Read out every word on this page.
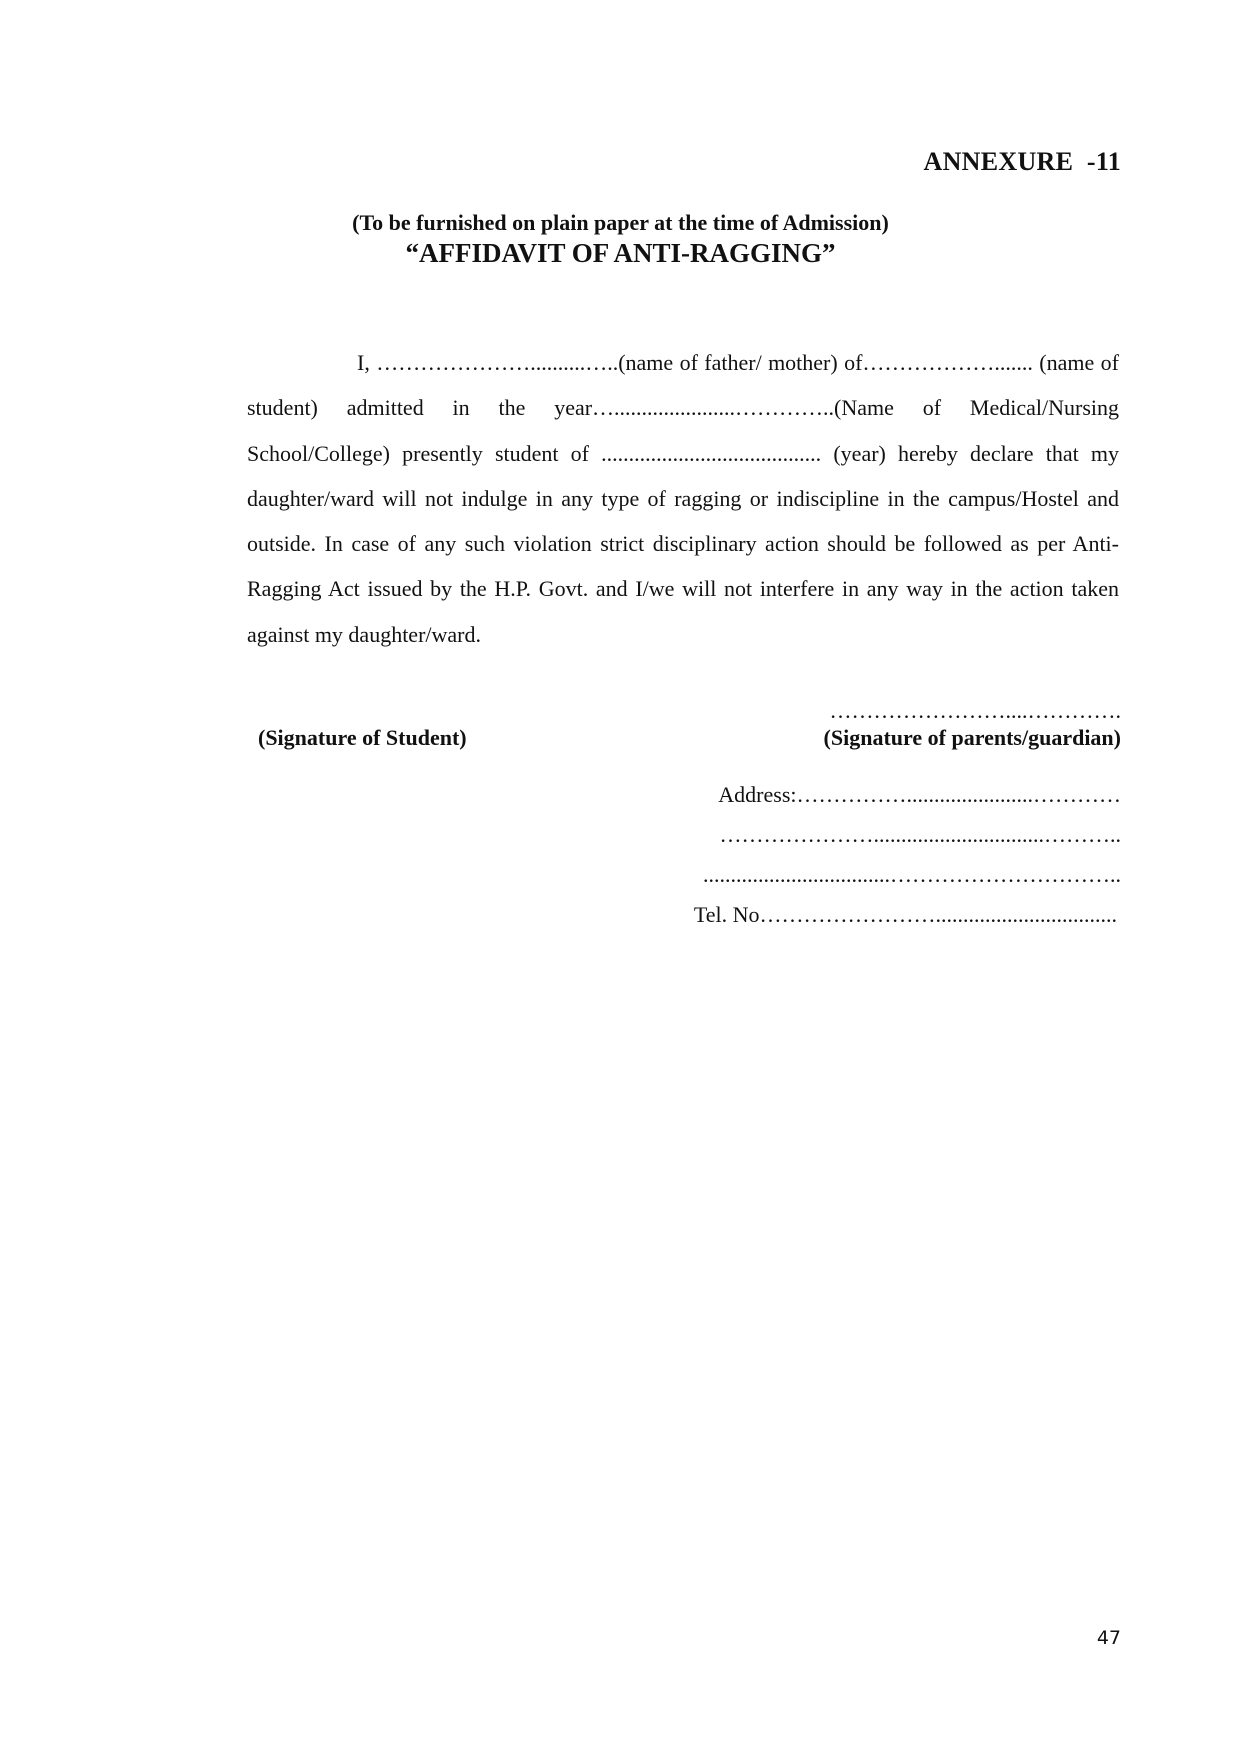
ANNEXURE  -11
(To be furnished on plain paper at the time of Admission)
“AFFIDAVIT OF ANTI-RAGGING”

I, …………………..........…..(name of father/ mother) of………………....... (name of student) admitted in the year…......................…………..(Name of Medical/Nursing School/College) presently student of ........................................ (year) hereby declare that my daughter/ward will not indulge in any type of ragging or indiscipline in the campus/Hostel and outside. In case of any such violation strict disciplinary action should be followed as per Anti-Ragging Act issued by the H.P. Govt. and I/we will not interfere in any way in the action taken against my daughter/ward.

……………………....………….
(Signature of Student)	(Signature of parents/guardian)
Address:…………….......................…………
…………………...............................………..
..................................…………………………..
Tel. No…………………….................................
47
